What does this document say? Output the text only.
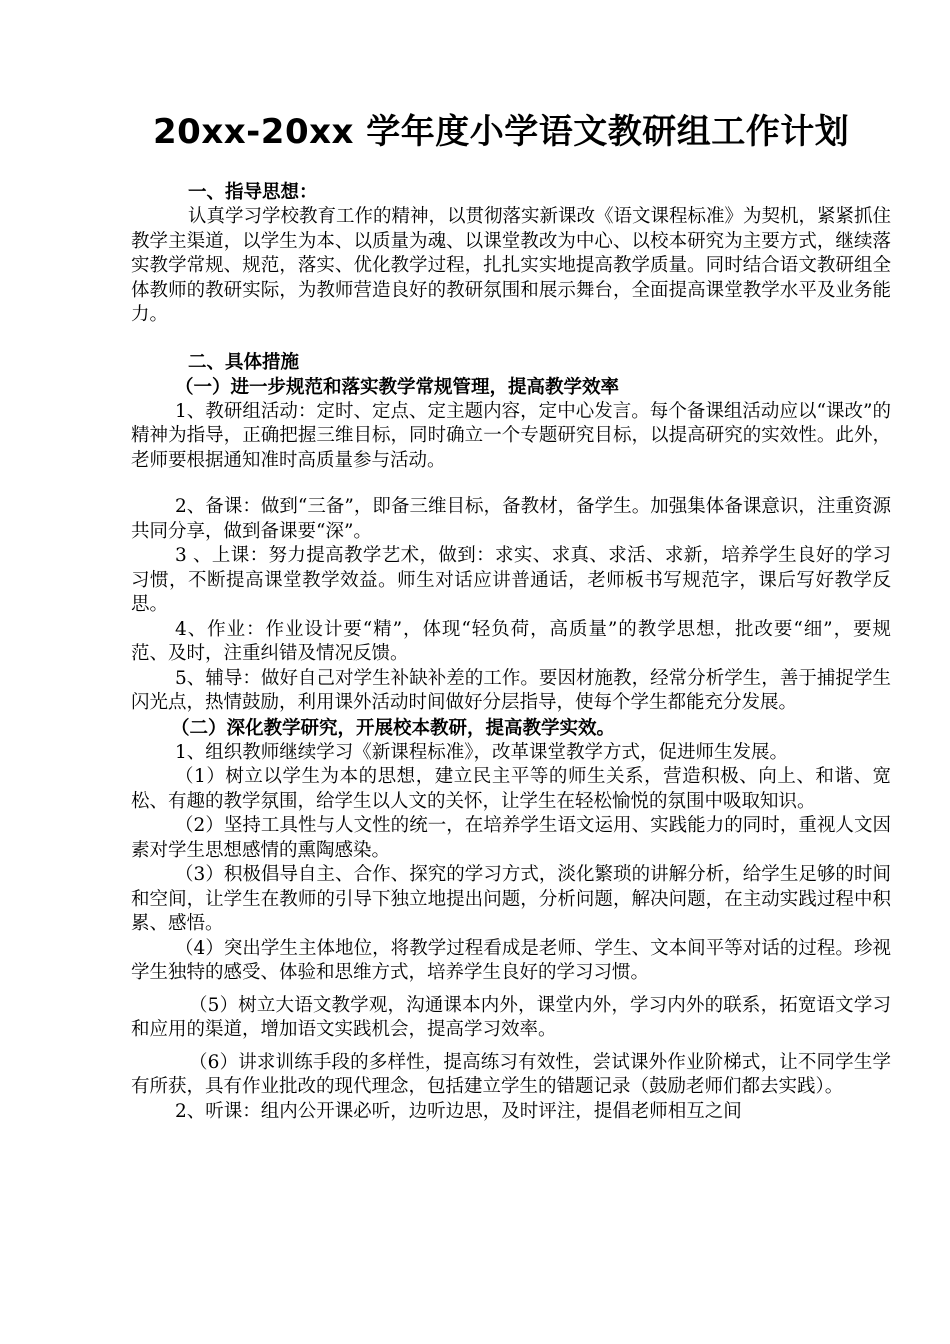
20xx-20xx 学年度小学语文教研组工作计划
一、指导思想：

认真学习学校教育工作的精神，以贯彻落实新课改《语文课程标准》为契机，紧紧抓住教学主渠道，以学生为本、以质量为魂、以课堂教改为中心、以校本研究为主要方式，继续落实教学常规、规范，落实、优化教学过程，扎扎实实地提高教学质量。同时结合语文教研组全体教师的教研实际，为教师营造良好的教研氛围和展示舞台，全面提高课堂教学水平及业务能力。

二、具体措施
（一）进一步规范和落实教学常规管理，提高教学效率

1、教研组活动：定时、定点、定主题内容，定中心发言。每个备课组活动应以“课改”的精神为指导，正确把握三维目标，同时确立一个专题研究目标，以提高研究的实效性。此外，老师要根据通知准时高质量参与活动。

2、备课：做到“三备”，即备三维目标，备教材，备学生。加强集体备课意识，注重资源共同分享，做到备课要“深”。

3 、上课：努力提高教学艺术，做到：求实、求真、求活、求新，培养学生良好的学习习惯，不断提高课堂教学效益。师生对话应讲普通话，老师板书写规范字，课后写好教学反思。

4、作业：作业设计要“精”，体现“轻负荷，高质量”的教学思想，批改要“细”，要规范、及时，注重纠错及情况反馈。

5、辅导：做好自己对学生补缺补差的工作。要因材施教，经常分析学生，善于捕捉学生闪光点，热情鼓励，利用课外活动时间做好分层指导，使每个学生都能充分发展。

（二）深化教学研究，开展校本教研，提高教学实效。

1、组织教师继续学习《新课程标准》，改革课堂教学方式，促进师生发展。

（1）树立以学生为本的思想，建立民主平等的师生关系，营造积极、向上、和谐、宽松、有趣的教学氛围，给学生以人文的关怀，让学生在轻松愉悦的氛围中吸取知识。

（2）坚持工具性与人文性的统一，在培养学生语文运用、实践能力的同时，重视人文因素对学生思想感情的熏陶感染。

（3）积极倡导自主、合作、探究的学习方式，淡化繁琐的讲解分析，给学生足够的时间和空间，让学生在教师的引导下独立地提出问题，分析问题，解决问题，在主动实践过程中积累、感悟。

（4）突出学生主体地位，将教学过程看成是老师、学生、文本间平等对话的过程。珍视学生独特的感受、体验和思维方式，培养学生良好的学习习惯。

（5）树立大语文教学观，沟通课本内外，课堂内外，学习内外的联系，拓宽语文学习和应用的渠道，增加语文实践机会，提高学习效率。

（6）讲求训练手段的多样性，提高练习有效性，尝试课外作业阶梯式，让不同学生学有所获，具有作业批改的现代理念，包括建立学生的错题记录（鼓励老师们都去实践）。

2、听课：组内公开课必听，边听边思，及时评注，提倡老师相互之间
